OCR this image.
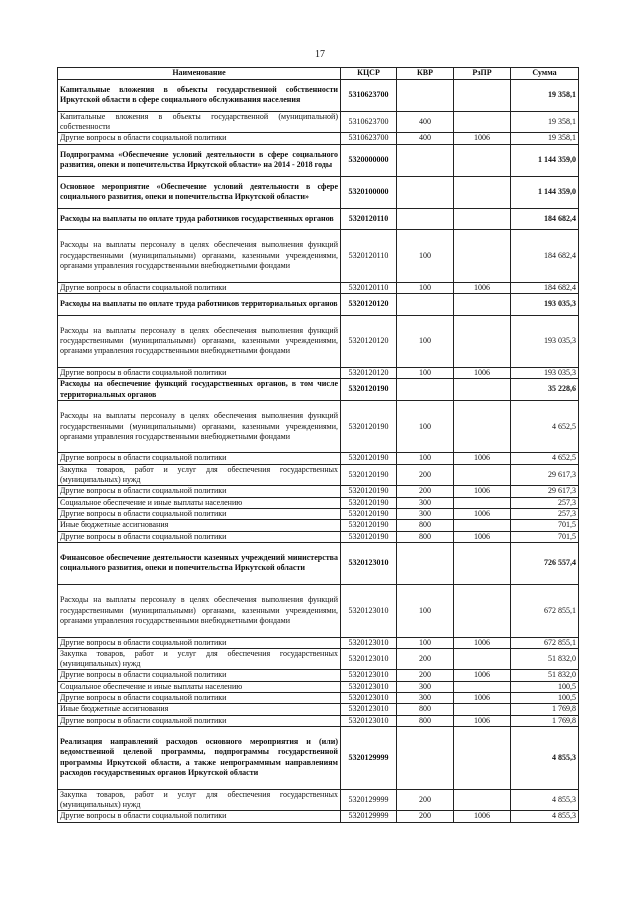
17
Наименование	КЦСР	КВР	РзПР	Сумма
Капитальные вложения в объекты государственной собственности Иркутской области в сфере социального обслуживания населения	5310623700			19 358,1
Капитальные вложения в объекты государственной (муниципальной) собственности	5310623700	400		19 358,1
Другие вопросы в области социальной политики	5310623700	400	1006	19 358,1
Подпрограмма «Обеспечение условий деятельности в сфере социального развития, опеки и попечительства Иркутской области» на 2014 - 2018 годы	5320000000			1 144 359,0
Основное мероприятие «Обеспечение условий деятельности в сфере социального развития, опеки и попечительства Иркутской области»	5320100000			1 144 359,0
Расходы на выплаты по оплате труда работников государственных органов	5320120110			184 682,4
Расходы на выплаты персоналу в целях обеспечения выполнения функций государственными (муниципальными) органами, казенными учреждениями, органами управления государственными внебюджетными фондами	5320120110	100		184 682,4
Другие вопросы в области социальной политики	5320120110	100	1006	184 682,4
Расходы на выплаты по оплате труда работников территориальных органов	5320120120			193 035,3
Расходы на выплаты персоналу в целях обеспечения выполнения функций государственными (муниципальными) органами, казенными учреждениями, органами управления государственными внебюджетными фондами	5320120120	100		193 035,3
Другие вопросы в области социальной политики	5320120120	100	1006	193 035,3
Расходы на обеспечение функций государственных органов, в том числе территориальных органов	5320120190			35 228,6
Расходы на выплаты персоналу в целях обеспечения выполнения функций государственными (муниципальными) органами, казенными учреждениями, органами управления государственными внебюджетными фондами	5320120190	100		4 652,5
Другие вопросы в области социальной политики	5320120190	100	1006	4 652,5
Закупка товаров, работ и услуг для обеспечения государственных (муниципальных) нужд	5320120190	200		29 617,3
Другие вопросы в области социальной политики	5320120190	200	1006	29 617,3
Социальное обеспечение и иные выплаты населению	5320120190	300		257,3
Другие вопросы в области социальной политики	5320120190	300	1006	257,3
Иные бюджетные ассигнования	5320120190	800		701,5
Другие вопросы в области социальной политики	5320120190	800	1006	701,5
Финансовое обеспечение деятельности казенных учреждений министерства социального развития, опеки и попечительства Иркутской области	5320123010			726 557,4
Расходы на выплаты персоналу в целях обеспечения выполнения функций государственными (муниципальными) органами, казенными учреждениями, органами управления государственными внебюджетными фондами	5320123010	100		672 855,1
Другие вопросы в области социальной политики	5320123010	100	1006	672 855,1
Закупка товаров, работ и услуг для обеспечения государственных (муниципальных) нужд	5320123010	200		51 832,0
Другие вопросы в области социальной политики	5320123010	200	1006	51 832,0
Социальное обеспечение и иные выплаты населению	5320123010	300		100,5
Другие вопросы в области социальной политики	5320123010	300	1006	100,5
Иные бюджетные ассигнования	5320123010	800		1 769,8
Другие вопросы в области социальной политики	5320123010	800	1006	1 769,8
Реализация направлений расходов основного мероприятия и (или) ведомственной целевой программы, подпрограммы государственной программы Иркутской области, а также непрограммным направлениям расходов государственных органов Иркутской области	5320129999			4 855,3
Закупка товаров, работ и услуг для обеспечения государственных (муниципальных) нужд	5320129999	200		4 855,3
Другие вопросы в области социальной политики	5320129999	200	1006	4 855,3
